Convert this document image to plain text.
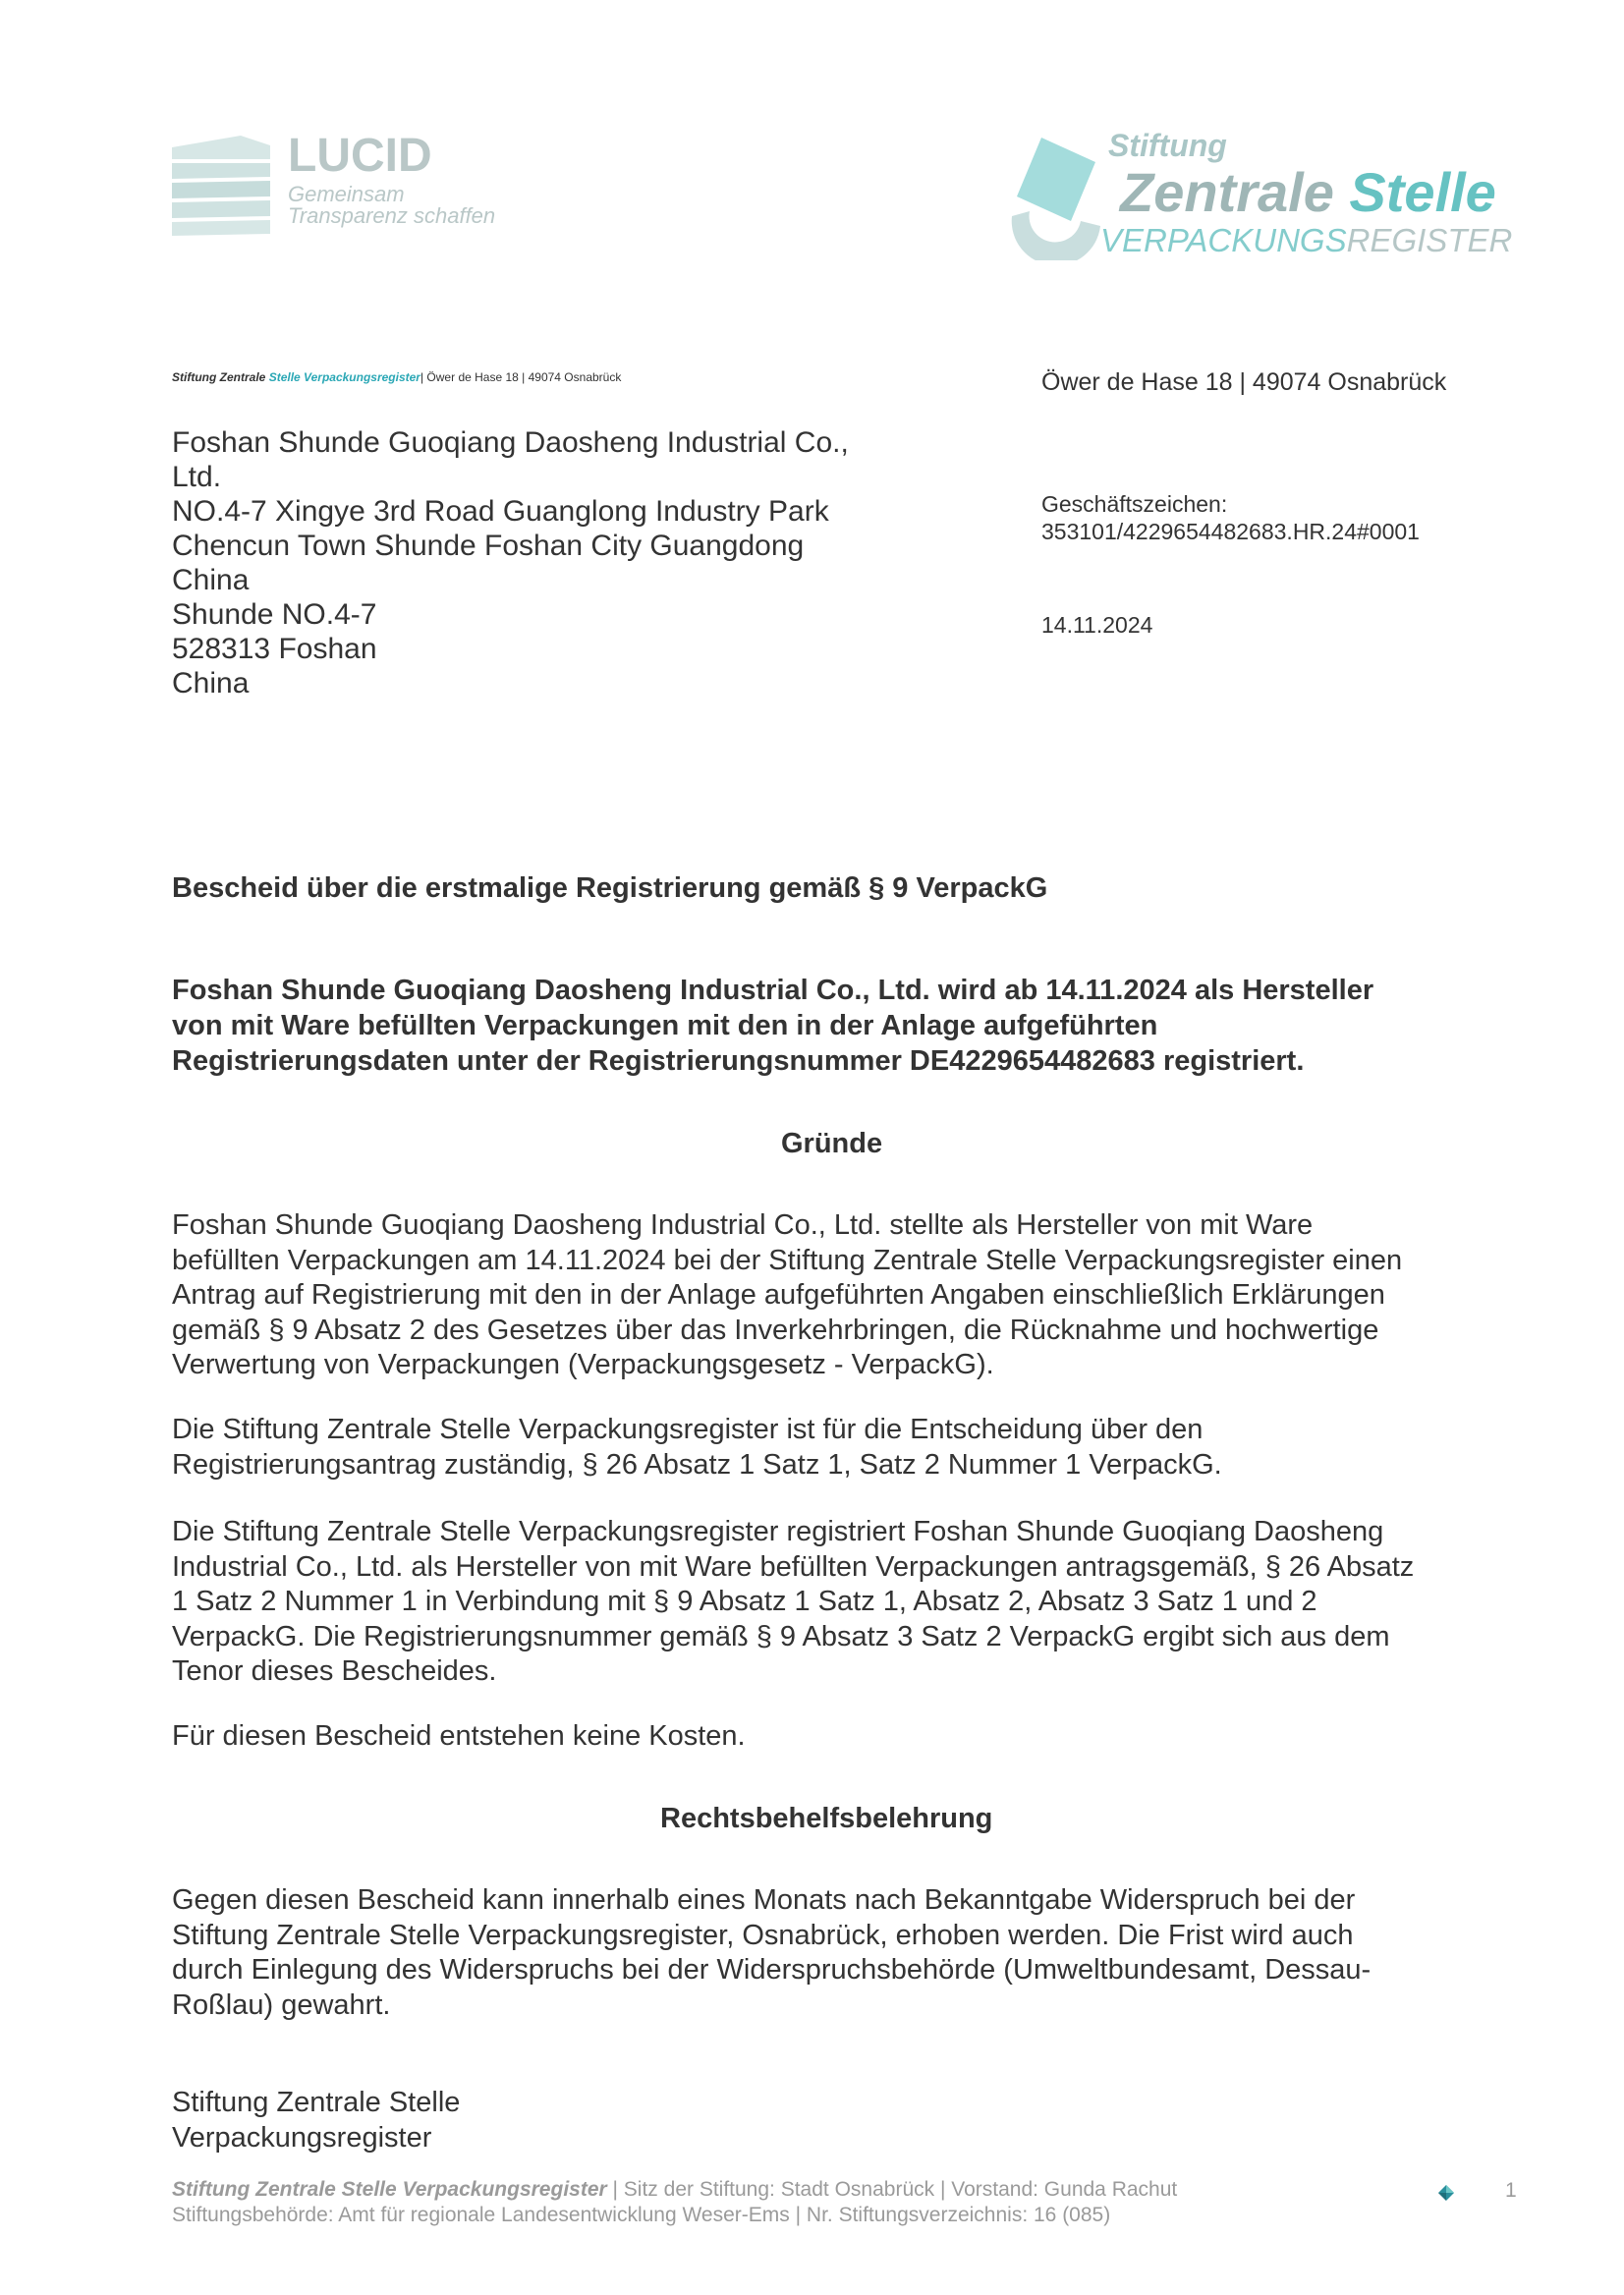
LUCID
Gemeinsam
Transparenz schaffen
Stiftung
Zentrale Stelle
VERPACKUNGSREGISTER
Stiftung Zentrale Stelle Verpackungsregister| Öwer de Hase 18 | 49074 Osnabrück
Foshan Shunde Guoqiang Daosheng Industrial Co.,
Ltd.
NO.4-7 Xingye 3rd Road Guanglong Industry Park
Chencun Town Shunde Foshan City Guangdong
China
Shunde NO.4-7
528313 Foshan
China
Öwer de Hase 18 | 49074 Osnabrück
Geschäftszeichen:
353101/4229654482683.HR.24#0001
14.11.2024
Bescheid über die erstmalige Registrierung gemäß § 9 VerpackG
Foshan Shunde Guoqiang Daosheng Industrial Co., Ltd. wird ab 14.11.2024 als Hersteller
von mit Ware befüllten Verpackungen mit den in der Anlage aufgeführten
Registrierungsdaten unter der Registrierungsnummer DE4229654482683 registriert.
Gründe
Foshan Shunde Guoqiang Daosheng Industrial Co., Ltd. stellte als Hersteller von mit Ware
befüllten Verpackungen am 14.11.2024 bei der Stiftung Zentrale Stelle Verpackungsregister einen
Antrag auf Registrierung mit den in der Anlage aufgeführten Angaben einschließlich Erklärungen
gemäß § 9 Absatz 2 des Gesetzes über das Inverkehrbringen, die Rücknahme und hochwertige
Verwertung von Verpackungen (Verpackungsgesetz - VerpackG).
Die Stiftung Zentrale Stelle Verpackungsregister ist für die Entscheidung über den
Registrierungsantrag zuständig, § 26 Absatz 1 Satz 1, Satz 2 Nummer 1 VerpackG.
Die Stiftung Zentrale Stelle Verpackungsregister registriert Foshan Shunde Guoqiang Daosheng
Industrial Co., Ltd. als Hersteller von mit Ware befüllten Verpackungen antragsgemäß, § 26 Absatz
1 Satz 2 Nummer 1 in Verbindung mit § 9 Absatz 1 Satz 1, Absatz 2, Absatz 3 Satz 1 und 2
VerpackG. Die Registrierungsnummer gemäß § 9 Absatz 3 Satz 2 VerpackG ergibt sich aus dem
Tenor dieses Bescheides.
Für diesen Bescheid entstehen keine Kosten.
Rechtsbehelfsbelehrung
Gegen diesen Bescheid kann innerhalb eines Monats nach Bekanntgabe Widerspruch bei der
Stiftung Zentrale Stelle Verpackungsregister, Osnabrück, erhoben werden. Die Frist wird auch
durch Einlegung des Widerspruchs bei der Widerspruchsbehörde (Umweltbundesamt, Dessau-
Roßlau) gewahrt.
Stiftung Zentrale Stelle
Verpackungsregister
Stiftung Zentrale Stelle Verpackungsregister | Sitz der Stiftung: Stadt Osnabrück | Vorstand: Gunda Rachut
Stiftungsbehörde: Amt für regionale Landesentwicklung Weser-Ems | Nr. Stiftungsverzeichnis: 16 (085)
1
